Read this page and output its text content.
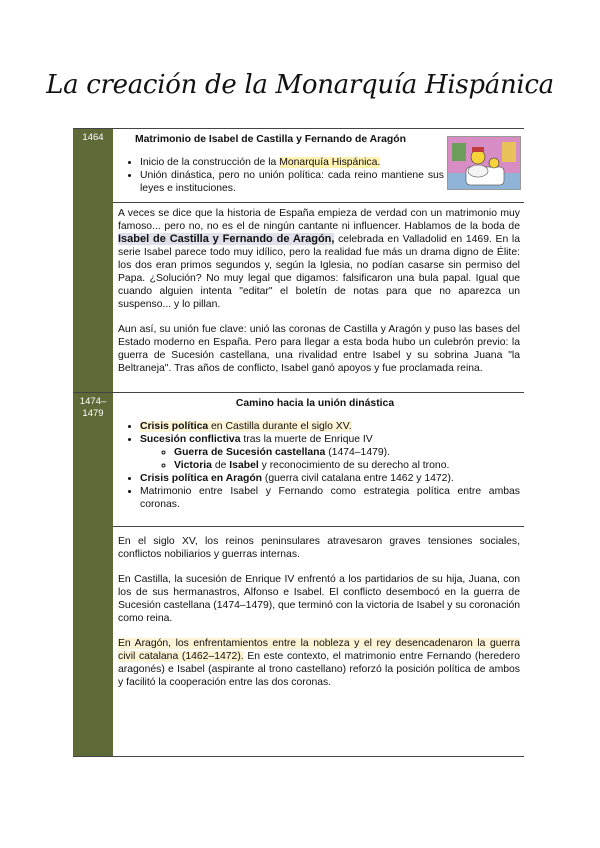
La creación de la Monarquía Hispánica
1464
1474–1479
Matrimonio de Isabel de Castilla y Fernando de Aragón
• Inicio de la construcción de la Monarquía Hispánica.
• Unión dinástica, pero no unión política: cada reino mantiene sus leyes e instituciones.

A veces se dice que la historia de España empieza de verdad con un matrimonio muy famoso... pero no, no es el de ningún cantante ni influencer. Hablamos de la boda de Isabel de Castilla y Fernando de Aragón, celebrada en Valladolid en 1469. En la serie Isabel parece todo muy idílico, pero la realidad fue más un drama digno de Élite: los dos eran primos segundos y, según la Iglesia, no podían casarse sin permiso del Papa. ¿Solución? No muy legal que digamos: falsificaron una bula papal. Igual que cuando alguien intenta "editar" el boletín de notas para que no aparezca un suspenso... y lo pillan.

Aun así, su unión fue clave: unió las coronas de Castilla y Aragón y puso las bases del Estado moderno en España. Pero para llegar a esta boda hubo un culebrón previo: la guerra de Sucesión castellana, una rivalidad entre Isabel y su sobrina Juana "la Beltraneja". Tras años de conflicto, Isabel ganó apoyos y fue proclamada reina.

Camino hacia la unión dinástica
• Crisis política en Castilla durante el siglo XV.
• Sucesión conflictiva tras la muerte de Enrique IV
◦ Guerra de Sucesión castellana (1474–1479).
◦ Victoria de Isabel y reconocimiento de su derecho al trono.
• Crisis política en Aragón (guerra civil catalana entre 1462 y 1472).
• Matrimonio entre Isabel y Fernando como estrategia política entre ambas coronas.

En el siglo XV, los reinos peninsulares atravesaron graves tensiones sociales, conflictos nobiliarios y guerras internas.

En Castilla, la sucesión de Enrique IV enfrentó a los partidarios de su hija, Juana, con los de sus hermanastros, Alfonso e Isabel. El conflicto desembocó en la guerra de Sucesión castellana (1474–1479), que terminó con la victoria de Isabel y su coronación como reina.

En Aragón, los enfrentamientos entre la nobleza y el rey desencadenaron la guerra civil catalana (1462–1472). En este contexto, el matrimonio entre Fernando (heredero aragonés) e Isabel (aspirante al trono castellano) reforzó la posición política de ambos y facilitó la cooperación entre las dos coronas.
